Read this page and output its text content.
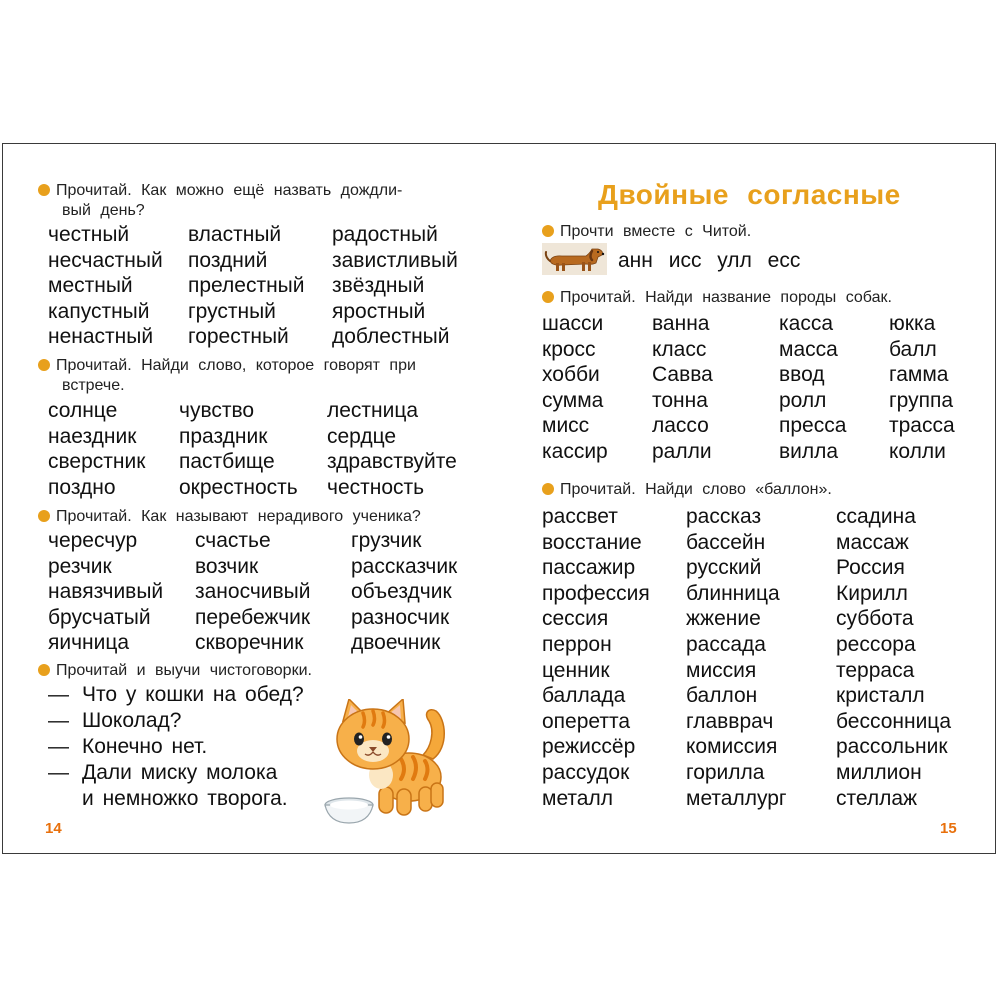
Прочитай. Как можно ещё назвать дождли-
вый день?
честный
несчастный
местный
капустный
ненастный
властный
поздний
прелестный
грустный
горестный
радостный
завистливый
звёздный
яростный
доблестный
Прочитай. Найди слово, которое говорят при
встрече.
солнце
наездник
сверстник
поздно
чувство
праздник
пастбище
окрестность
лестница
сердце
здравствуйте
честность
Прочитай. Как называют нерадивого ученика?
чересчур
резчик
навязчивый
брусчатый
яичница
счастье
возчик
заносчивый
перебежчик
скворечник
грузчик
рассказчик
объездчик
разносчик
двоечник
Прочитай и выучи чистоговорки.
— Что у кошки на обед?
— Шоколад?
— Конечно нет.
— Дали миску молока
и немножко творога.
14
Двойные согласные
Прочти вместе с Читой.
анн исс улл есс
Прочитай. Найди название породы собак.
шасси
кросс
хобби
сумма
мисс
кассир
ванна
класс
Савва
тонна
лассо
ралли
касса
масса
ввод
ролл
пресса
вилла
юкка
балл
гамма
группа
трасса
колли
Прочитай. Найди слово «баллон».
рассвет
восстание
пассажир
профессия
сессия
перрон
ценник
баллада
оперетта
режиссёр
рассудок
металл
рассказ
бассейн
русский
блинница
жжение
рассада
миссия
баллон
главврач
комиссия
горилла
металлург
ссадина
массаж
Россия
Кирилл
суббота
рессора
терраса
кристалл
бессонница
рассольник
миллион
стеллаж
15
